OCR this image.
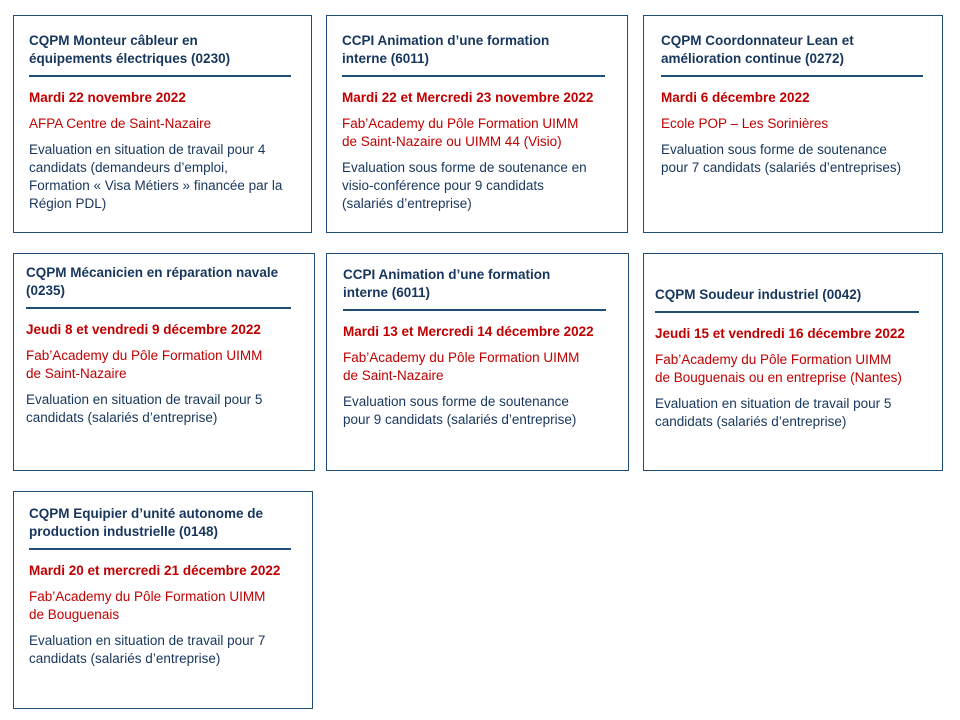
CQPM Monteur câbleur en
équipements électriques (0230)
Mardi 22 novembre 2022
AFPA Centre de Saint-Nazaire
Evaluation en situation de travail pour 4
candidats (demandeurs d’emploi,
Formation « Visa Métiers » financée par la
Région PDL)
CCPI Animation d’une formation
interne (6011)
Mardi 22 et Mercredi 23 novembre 2022
Fab’Academy du Pôle Formation UIMM
de Saint-Nazaire ou UIMM 44 (Visio)
Evaluation sous forme de soutenance en
visio-conférence pour 9 candidats
(salariés d’entreprise)
CQPM Coordonnateur Lean et
amélioration continue (0272)
Mardi 6 décembre 2022
Ecole POP – Les Sorinières
Evaluation sous forme de soutenance
pour 7 candidats (salariés d’entreprises)
CQPM Mécanicien en réparation navale
(0235)
Jeudi 8 et vendredi 9 décembre 2022
Fab’Academy du Pôle Formation UIMM
de Saint-Nazaire
Evaluation en situation de travail pour 5
candidats (salariés d’entreprise)
CCPI Animation d’une formation
interne (6011)
Mardi 13 et Mercredi 14 décembre 2022
Fab’Academy du Pôle Formation UIMM
de Saint-Nazaire
Evaluation sous forme de soutenance
pour 9 candidats (salariés d’entreprise)
CQPM Soudeur industriel (0042)
Jeudi 15 et vendredi 16 décembre 2022
Fab’Academy du Pôle Formation UIMM
de Bouguenais ou en entreprise (Nantes)
Evaluation en situation de travail pour 5
candidats (salariés d’entreprise)
CQPM Equipier d’unité autonome de
production industrielle (0148)
Mardi 20 et mercredi 21 décembre 2022
Fab’Academy du Pôle Formation UIMM
de Bouguenais
Evaluation en situation de travail pour 7
candidats (salariés d’entreprise)
